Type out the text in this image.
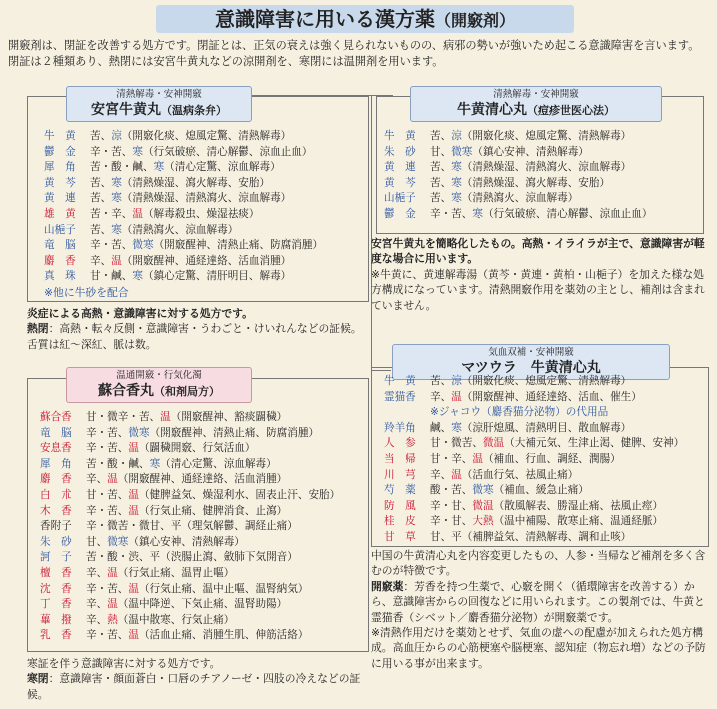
意識障害に用いる漢方薬（開竅剤）
開竅剤は、閉証を改善する処方です。閉証とは、正気の衰えは強く見られないものの、病邪の勢いが強いため起こる意識障害を言います。閉証は２種類あり、熱閉には安宮牛黄丸などの涼開剤を、寒閉には温開剤を用います。
清熱解毒・安神開竅
安宮牛黄丸（温病条弁）
牛　黄	苦、涼（開竅化痰、熄風定驚、清熱解毒）
鬱　金	辛・苦、寒（行気破瘀、清心解鬱、涼血止血）
犀　角	苦・酸・鹹、寒（清心定驚、涼血解毒）
黄　芩	苦、寒（清熱燥湿、瀉火解毒、安胎）
黄　連	苦、寒（清熱燥湿、清熱瀉火、涼血解毒）
雄　黄	苦・辛、温（解毒殺虫、燥湿祛痰）
山梔子	苦、寒（清熱瀉火、涼血解毒）
竜　脳	辛・苦、微寒（開竅醒神、清熱止痛、防腐消腫）
麝　香	辛、温（開竅醒神、通経達絡、活血消腫）
真　珠	甘・鹹、寒（鎮心定驚、清肝明目、解毒）
※他に牛砂を配合
炎症による高熱・意識障害に対する処方です。
熱閉：高熱・転々反側・意識障害・うわごと・けいれんなどの証候。舌質は紅～深紅、脈は数。
清熱解毒・安神開竅
牛黄清心丸（痘疹世医心法）
牛　黄	苦、涼（開竅化痰、熄風定驚、清熱解毒）
朱　砂	甘、微寒（鎮心安神、清熱解毒）
黄　連	苦、寒（清熱燥湿、清熱瀉火、涼血解毒）
黄　芩	苦、寒（清熱燥湿、瀉火解毒、安胎）
山梔子	苦、寒（清熱瀉火、涼血解毒）
鬱　金	辛・苦、寒（行気破瘀、清心解鬱、涼血止血）
安宮牛黄丸を簡略化したもの。高熱・イライラが主で、意識障害が軽度な場合に用います。
※牛黄に、黄連解毒湯（黄芩・黄連・黄柏・山梔子）を加えた様な処方構成になっています。清熱開竅作用を薬効の主とし、補剤は含まれていません。
気血双補・安神開竅
マツウラ　牛黄清心丸
牛　黄	苦、涼（開竅化痰、熄風定驚、清熱解毒）
霊猫香	辛、温（開竅醒神、通経達絡、活血、催生）
※ジャコウ（麝香猫分泌物）の代用品
羚羊角	鹹、寒（涼肝熄風、清熱明目、散血解毒）
人　参	甘・微苦、微温（大補元気、生津止渇、健脾、安神）
当　帰	甘・辛、温（補血、行血、調経、潤腸）
川　芎	辛、温（活血行気、祛風止痛）
芍　薬	酸・苦、微寒（補血、緩急止痛）
防　風	辛・甘、微温（散風解表、勝湿止痛、祛風止痙）
桂　皮	辛・甘、大熱（温中補陽、散寒止痛、温通経脈）
甘　草	甘、平（補脾益気、清熱解毒、調和止咳）
中国の牛黄清心丸を内容変更したもの、人参・当帰など補剤を多く含むのが特徴です。
開竅薬：芳香を持つ生薬で、心竅を開く（循環障害を改善する）から、意識障害からの回復などに用いられます。この製剤では、牛黄と霊猫香（シベット／麝香猫分泌物）が開竅薬です。
※清熱作用だけを薬効とせず、気血の虚への配慮が加えられた処方構成。高血圧からの心筋梗塞や脳梗塞、認知症（物忘れ増）などの予防に用いる事が出来ます。
温通開竅・行気化濁
蘇合香丸（和剤局方）
蘇合香	甘・微辛・苦、温（開竅醒神、豁痰闢穢）
竜　脳	辛・苦、微寒（開竅醒神、清熱止痛、防腐消腫）
安息香	辛・苦、温（闢穢開竅、行気活血）
犀　角	苦・酸・鹹、寒（清心定驚、涼血解毒）
麝　香	辛、温（開竅醒神、通経達絡、活血消腫）
白　朮	甘・苦、温（健脾益気、燥湿利水、固表止汗、安胎）
木　香	辛・苦、温（行気止痛、健脾消食、止瀉）
香附子	辛・微苦・微甘、平（理気解鬱、調経止痛）
朱　砂	甘、微寒（鎮心安神、清熱解毒）
訶　子	苦・酸・渋、平（渋腸止瀉、斂肺下気開音）
檀　香	辛、温（行気止痛、温胃止嘔）
沈　香	辛・苦、温（行気止痛、温中止嘔、温腎納気）
丁　香	辛、温（温中降逆、下気止痛、温腎助陽）
蓽　撥	辛、熱（温中散寒、行気止痛）
乳　香	辛・苦、温（活血止痛、消腫生肌、伸筋活絡）
寒証を伴う意識障害に対する処方です。
寒閉：意識障害・顔面蒼白・口唇のチアノーゼ・四肢の冷えなどの証候。
